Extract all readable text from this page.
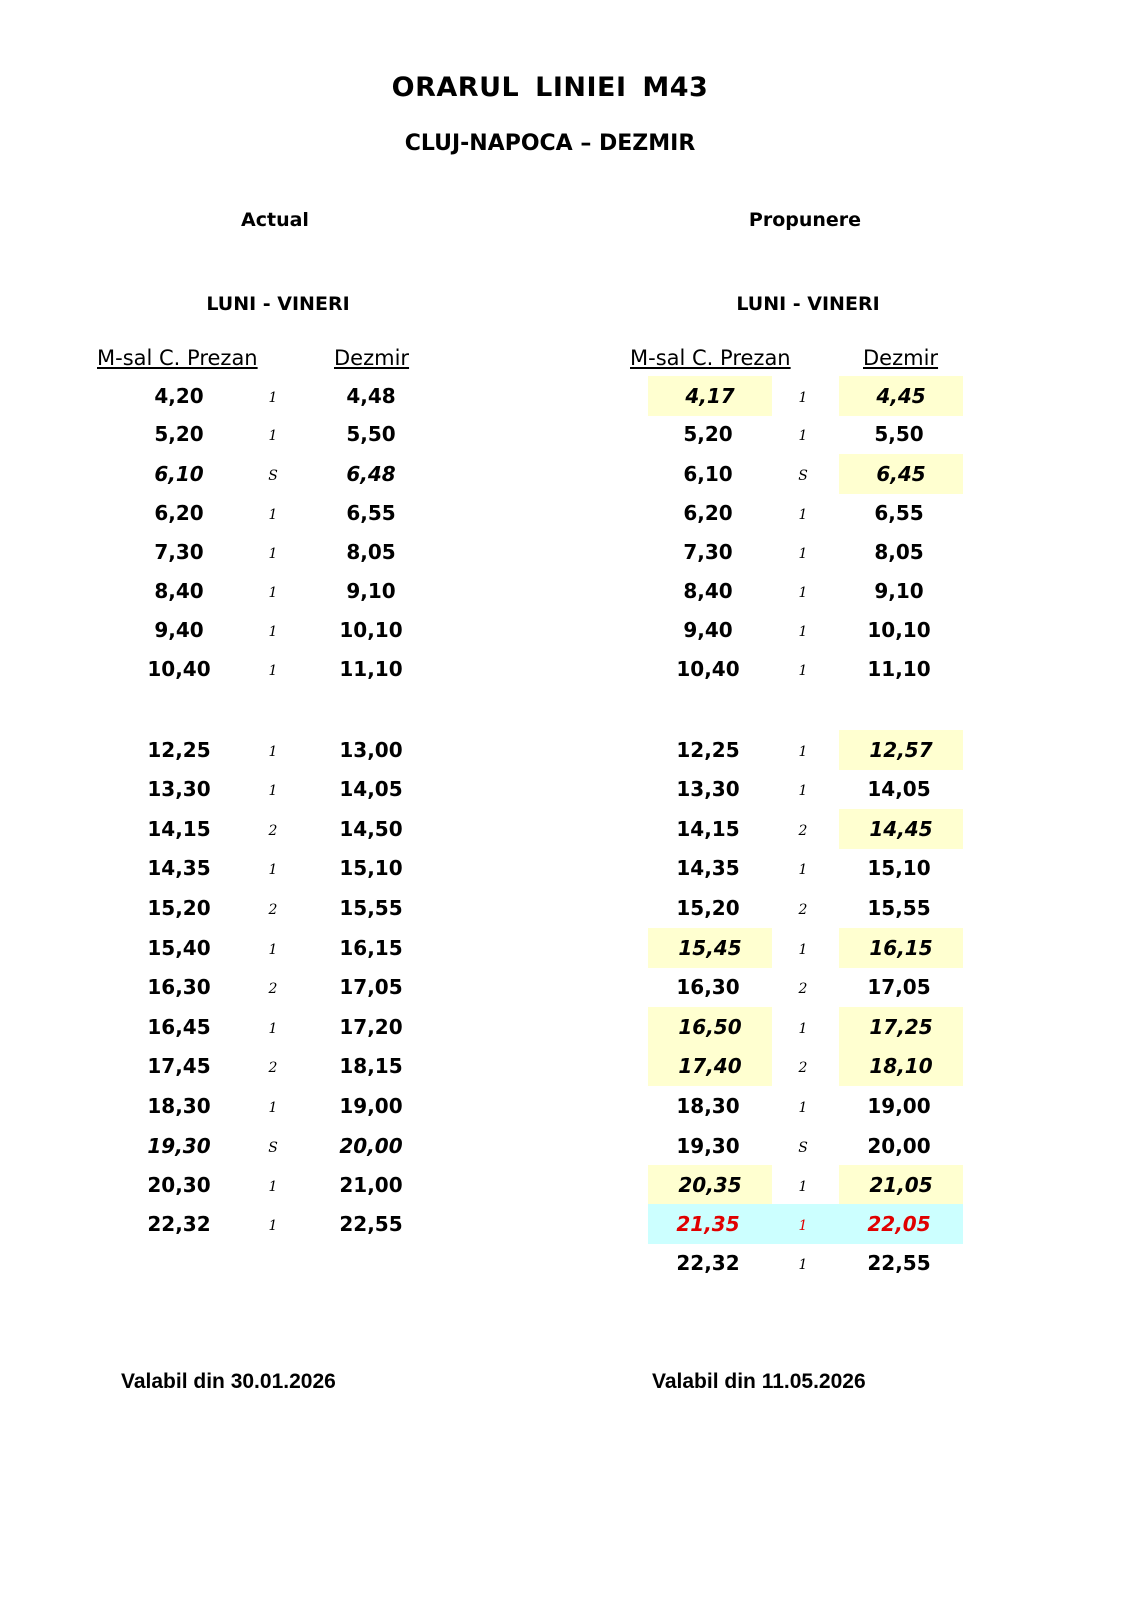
ORARUL LINIEI M43
CLUJ-NAPOCA – DEZMIR
Actual	Propunere
LUNI - VINERI	LUNI - VINERI
M-sal C. Prezan	Dezmir	M-sal C. Prezan	Dezmir
4,20	1	4,48
5,20	1	5,50
6,10	S	6,48
6,20	1	6,55
7,30	1	8,05
8,40	1	9,10
9,40	1	10,10
10,40	1	11,10
12,25	1	13,00
13,30	1	14,05
14,15	2	14,50
14,35	1	15,10
15,20	2	15,55
15,40	1	16,15
16,30	2	17,05
16,45	1	17,20
17,45	2	18,15
18,30	1	19,00
19,30	S	20,00
20,30	1	21,00
22,32	1	22,55
4,17	1	4,45
5,20	1	5,50
6,10	S	6,45
6,20	1	6,55
7,30	1	8,05
8,40	1	9,10
9,40	1	10,10
10,40	1	11,10
12,25	1	12,57
13,30	1	14,05
14,15	2	14,45
14,35	1	15,10
15,20	2	15,55
15,45	1	16,15
16,30	2	17,05
16,50	1	17,25
17,40	2	18,10
18,30	1	19,00
19,30	S	20,00
20,35	1	21,05
21,35	1	22,05
22,32	1	22,55
Valabil din 30.01.2026	Valabil din 11.05.2026
